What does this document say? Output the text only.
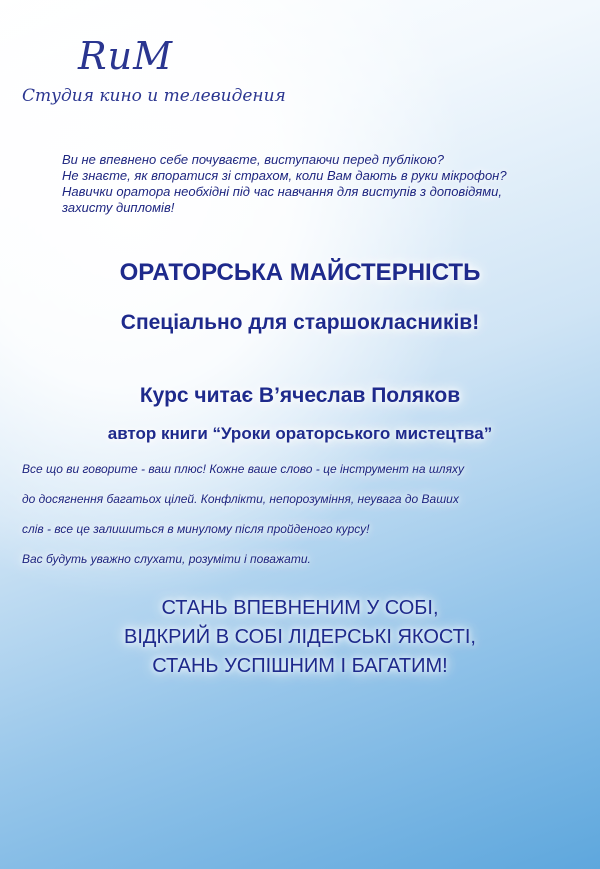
RuM
Студия кино и телевидения

Ви не впевнено себе почуваєте, виступаючи перед публікою?

Не знаєте, як впоратися зі страхом, коли Вам дають в руки мікрофон?

Навички оратора необхідні під час навчання для виступів з доповідями,

захисту дипломів!

ОРАТОРСЬКА МАЙСТЕРНІСТЬ
Спеціально для старшокласників!
Курс читає В’ячеслав Поляков
автор книги “Уроки ораторського мистецтва”

Все що ви говорите - ваш плюс! Кожне ваше слово - це інструмент на шляху

до досягнення багатьох цілей. Конфлікти, непорозуміння, неувага до Ваших

слів - все це залишиться в минулому після пройденого курсу!

Вас будуть уважно слухати, розуміти і поважати.

СТАНЬ ВПЕВНЕНИМ У СОБІ,

ВІДКРИЙ В СОБІ ЛІДЕРСЬКІ ЯКОСТІ,

СТАНЬ УСПІШНИМ І БАГАТИМ!
